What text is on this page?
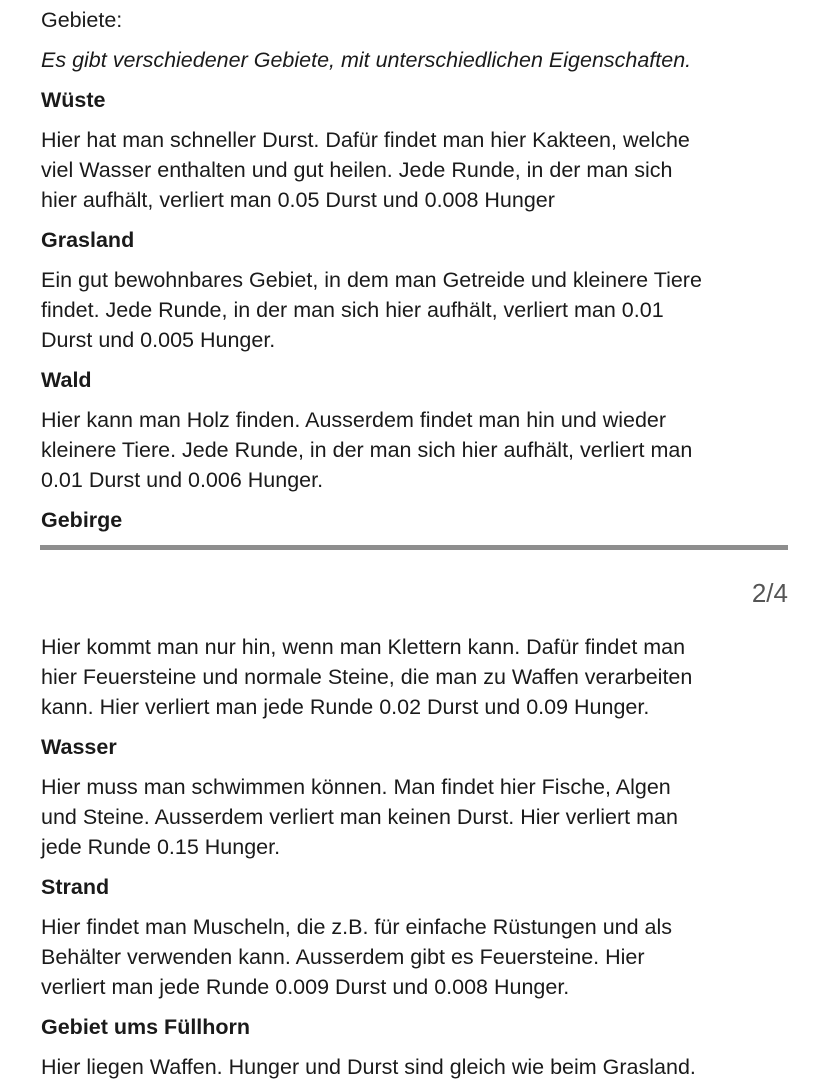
Gebiete:

Es gibt verschiedener Gebiete, mit unterschiedlichen Eigenschaften.

Wüste

Hier hat man schneller Durst. Dafür findet man hier Kakteen, welche

viel Wasser enthalten und gut heilen. Jede Runde, in der man sich

hier aufhält, verliert man 0.05 Durst und 0.008 Hunger

Grasland

Ein gut bewohnbares Gebiet, in dem man Getreide und kleinere Tiere

findet. Jede Runde, in der man sich hier aufhält, verliert man 0.01

Durst und 0.005 Hunger.

Wald

Hier kann man Holz finden. Ausserdem findet man hin und wieder

kleinere Tiere. Jede Runde, in der man sich hier aufhält, verliert man

0.01 Durst und 0.006 Hunger.

Gebirge

Hier kommt man nur hin, wenn man Klettern kann. Dafür findet man

hier Feuersteine und normale Steine, die man zu Waffen verarbeiten

kann. Hier verliert man jede Runde 0.02 Durst und 0.09 Hunger.

Wasser

Hier muss man schwimmen können. Man findet hier Fische, Algen

und Steine. Ausserdem verliert man keinen Durst. Hier verliert man

jede Runde 0.15 Hunger.

Strand

Hier findet man Muscheln, die z.B. für einfache Rüstungen und als

Behälter verwenden kann. Ausserdem gibt es Feuersteine. Hier

verliert man jede Runde 0.009 Durst und 0.008 Hunger.

Gebiet ums Füllhorn

Hier liegen Waffen. Hunger und Durst sind gleich wie beim Grasland.

2/4
